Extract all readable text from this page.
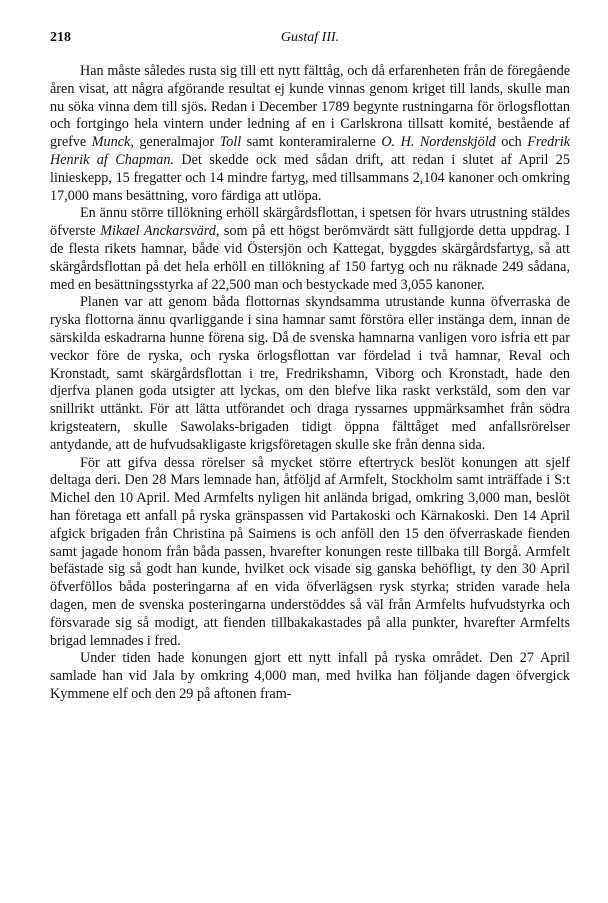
218	Gustaf III.

Han måste således rusta sig till ett nytt fälttåg, och då erfarenheten från de föregående åren visat, att några afgörande resultat ej kunde vinnas genom kriget till lands, skulle man nu söka vinna dem till sjös. Redan i December 1789 begynte rustningarna för örlogsflottan och fortgingo hela vintern under ledning af en i Carlskrona tillsatt komité, bestående af grefve Munck, generalmajor Toll samt konteramiralerne O. H. Nordenskjöld och Fredrik Henrik af Chapman. Det skedde ock med sådan drift, att redan i slutet af April 25 linieskepp, 15 fregatter och 14 mindre fartyg, med tillsammans 2,104 kanoner och omkring 17,000 mans besättning, voro färdiga att utlöpa.

En ännu större tillökning erhöll skärgårdsflottan, i spetsen för hvars utrustning stäldes öfverste Mikael Anckarsvärd, som på ett högst berömvärdt sätt fullgjorde detta uppdrag. I de flesta rikets hamnar, både vid Östersjön och Kattegat, byggdes skärgårdsfartyg, så att skärgårdsflottan på det hela erhöll en tillökning af 150 fartyg och nu räknade 249 sådana, med en besättningsstyrka af 22,500 man och bestyckade med 3,055 kanoner.

Planen var att genom båda flottornas skyndsamma utrustande kunna öfverraska de ryska flottorna ännu qvarliggande i sina hamnar samt förstöra eller instänga dem, innan de särskilda eskadrarna hunne förena sig. Då de svenska hamnarna vanligen voro isfria ett par veckor före de ryska, och ryska örlogsflottan var fördelad i två hamnar, Reval och Kronstadt, samt skärgårdsflottan i tre, Fredrikshamn, Viborg och Kronstadt, hade den djerfva planen goda utsigter att lyckas, om den blefve lika raskt verkstäld, som den var snillrikt uttänkt. För att lätta utförandet och draga ryssarnes uppmärksamhet från södra krigsteatern, skulle Sawolaks-brigaden tidigt öppna fälttåget med anfallsrörelser antydande, att de hufvudsakligaste krigsföretagen skulle ske från denna sida.

För att gifva dessa rörelser så mycket större eftertryck beslöt konungen att sjelf deltaga deri. Den 28 Mars lemnade han, åtföljd af Armfelt, Stockholm samt inträffade i S:t Michel den 10 April. Med Armfelts nyligen hit anlända brigad, omkring 3,000 man, beslöt han företaga ett anfall på ryska gränspassen vid Partakoski och Kärnakoski. Den 14 April afgick brigaden från Christina på Saimens is och anföll den 15 den öfverraskade fienden samt jagade honom från båda passen, hvarefter konungen reste tillbaka till Borgå. Armfelt befästade sig så godt han kunde, hvilket ock visade sig ganska behöfligt, ty den 30 April öfverföllos båda posteringarna af en vida öfverlägsen rysk styrka; striden varade hela dagen, men de svenska posteringarna understöddes så väl från Armfelts hufvudstyrka och försvarade sig så modigt, att fienden tillbakakastades på alla punkter, hvarefter Armfelts brigad lemnades i fred.

Under tiden hade konungen gjort ett nytt infall på ryska området. Den 27 April samlade han vid Jala by omkring 4,000 man, med hvilka han följande dagen öfvergick Kymmene elf och den 29 på aftonen fram-
